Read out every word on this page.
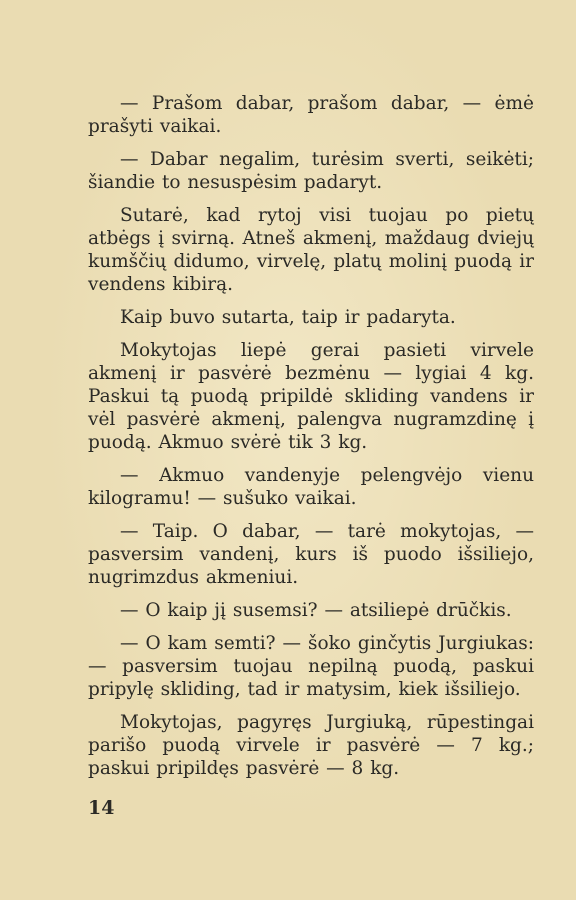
— Prašom dabar, prašom dabar, — ėmė prašyti vaikai.

— Dabar negalim, turėsim sverti, seikėti; šiandie to nesuspėsim padaryt.

Sutarė, kad rytoj visi tuojau po pietų atbėgs į svirną. Atneš akmenį, maždaug dviejų kumščių didumo, virvelę, platų molinį puodą ir vendens kibirą.

Kaip buvo sutarta, taip ir padaryta.

Mokytojas liepė gerai pasieti virvele akmenį ir pasvėrė bezmėnu — lygiai 4 kg. Paskui tą puodą pripildė skliding vandens ir vėl pasvėrė akmenį, palengva nugramzdinę į puodą. Akmuo svėrė tik 3 kg.

— Akmuo vandenyje pelengvėjo vienu kilogramu! — sušuko vaikai.

— Taip. O dabar, — tarė mokytojas, — pasversim vandenį, kurs iš puodo išsiliejo, nugrimzdus akmeniui.

— O kaip jį susemsi? — atsiliepė drūčkis.

— O kam semti? — šoko ginčytis Jurgiukas: — pasversim tuojau nepilną puodą, paskui pripylę skliding, tad ir matysim, kiek išsiliejo.

Mokytojas, pagyręs Jurgiuką, rūpestingai parišo puodą virvele ir pasvėrė — 7 kg.; paskui pripildęs pasvėrė — 8 kg.

14
